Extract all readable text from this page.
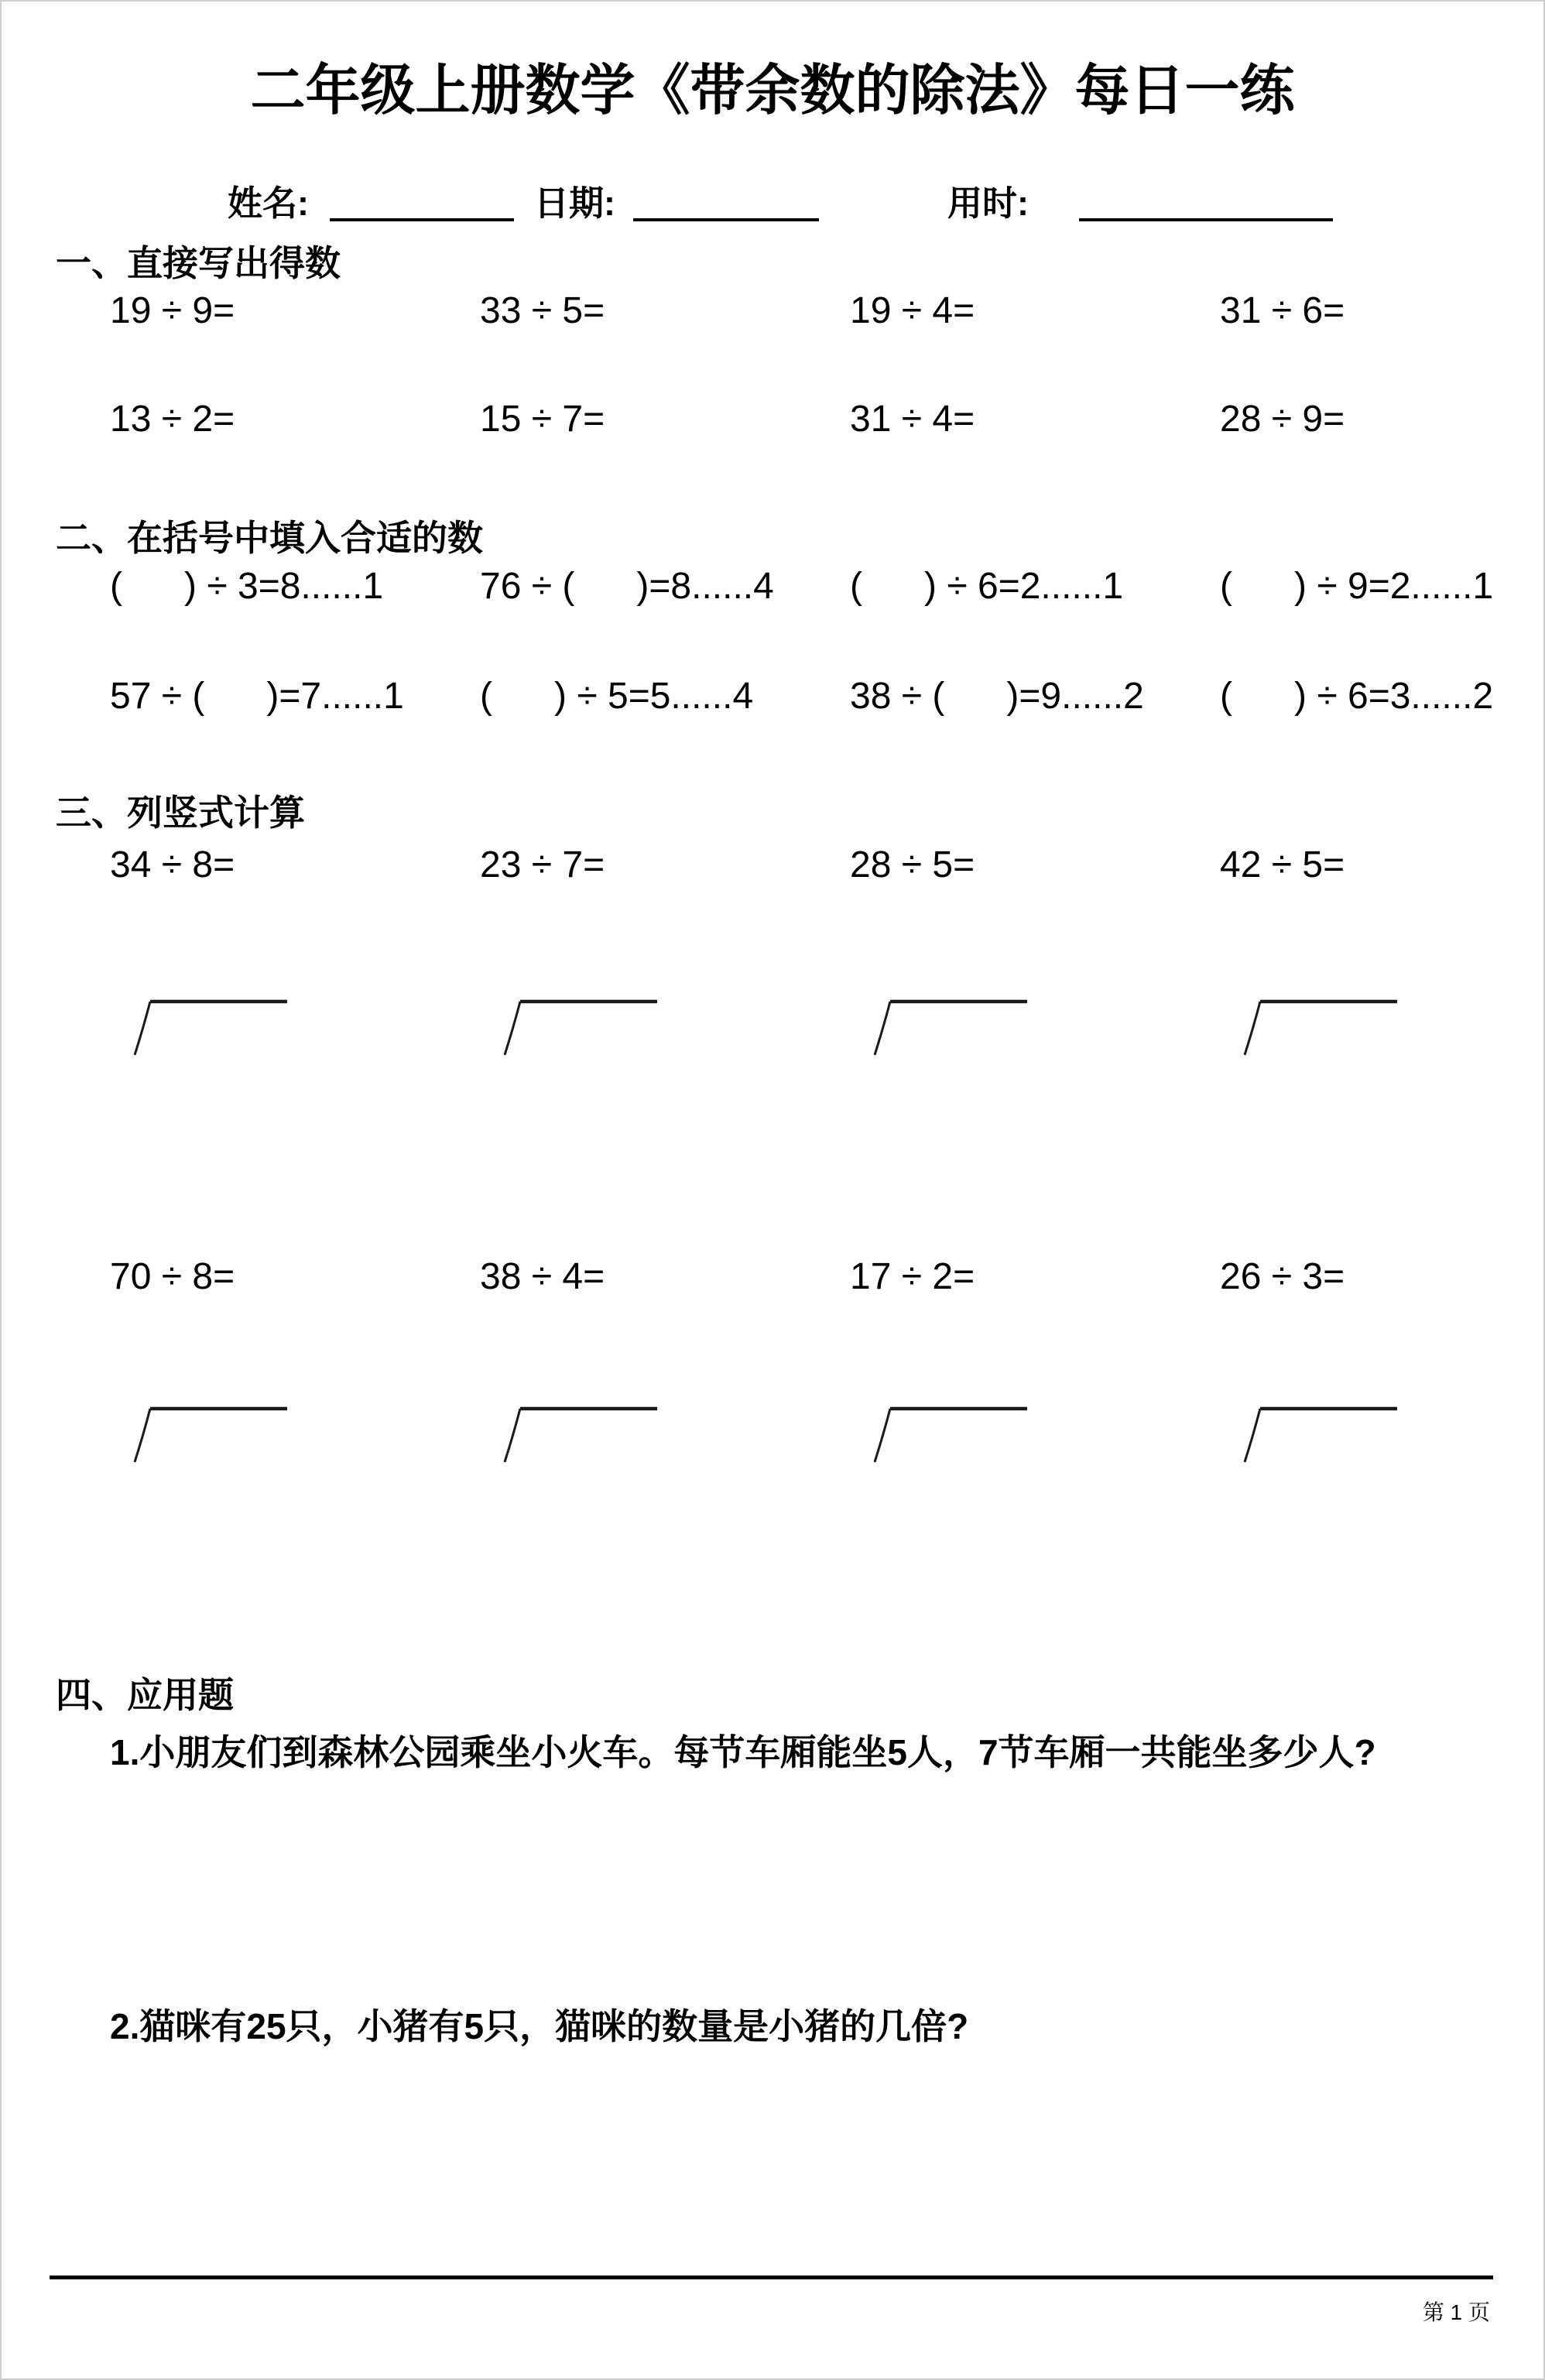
二年级上册数学《带余数的除法》每日一练
姓名:	日期:	用时:
一、直接写出得数
19 ÷ 9=	33 ÷ 5=	19 ÷ 4=	31 ÷ 6=
13 ÷ 2=	15 ÷ 7=	31 ÷ 4=	28 ÷ 9=
二、在括号中填入合适的数
(      ) ÷ 3=8......1	76 ÷ (      )=8......4	(      ) ÷ 6=2......1	(      ) ÷ 9=2......1
57 ÷ (      )=7......1	(      ) ÷ 5=5......4	38 ÷ (      )=9......2	(      ) ÷ 6=3......2
三、列竖式计算
34 ÷ 8=	23 ÷ 7=	28 ÷ 5=	42 ÷ 5=
70 ÷ 8=	38 ÷ 4=	17 ÷ 2=	26 ÷ 3=
四、应用题
1.小朋友们到森林公园乘坐小火车。每节车厢能坐5人，7节车厢一共能坐多少人?
2.猫咪有25只，小猪有5只，猫咪的数量是小猪的几倍?
第 1 页
